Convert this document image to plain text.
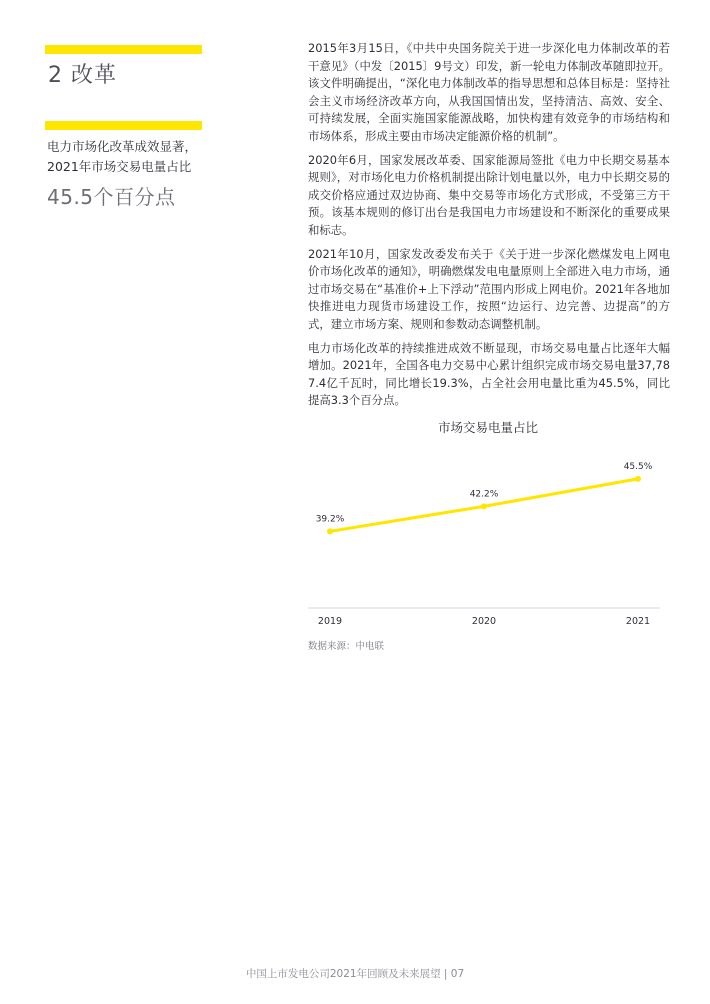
2 改革
电力市场化改革成效显著，
2021年市场交易电量占比
45.5个百分点

2015年3月15日，《中共中央国务院关于进一步深化电力体制改革的若干意见》（中发〔2015〕9号文）印发，新一轮电力体制改革随即拉开。该文件明确提出，“深化电力体制改革的指导思想和总体目标是：坚持社会主义市场经济改革方向，从我国国情出发，坚持清洁、高效、安全、可持续发展，全面实施国家能源战略，加快构建有效竞争的市场结构和市场体系，形成主要由市场决定能源价格的机制”。

2020年6月，国家发展改革委、国家能源局签批《电力中长期交易基本规则》，对市场化电力价格机制提出除计划电量以外，电力中长期交易的成交价格应通过双边协商、集中交易等市场化方式形成，不受第三方干预。该基本规则的修订出台是我国电力市场建设和不断深化的重要成果和标志。

2021年10月，国家发改委发布关于《关于进一步深化燃煤发电上网电价市场化改革的通知》，明确燃煤发电电量原则上全部进入电力市场，通过市场交易在“基准价+上下浮动”范围内形成上网电价。2021年各地加快推进电力现货市场建设工作，按照“边运行、边完善、边提高”的方式，建立市场方案、规则和参数动态调整机制。

电力市场化改革的持续推进成效不断显现，市场交易电量占比逐年大幅增加。2021年，全国各电力交易中心累计组织完成市场交易电量37,787.4亿千瓦时，同比增长19.3%，占全社会用电量比重为45.5%，同比提高3.3个百分点。

市场交易电量占比
39.2%
42.2%
45.5%
2019	2020	2021
数据来源：中电联
中国上市发电公司2021年回顾及未来展望 | 07
